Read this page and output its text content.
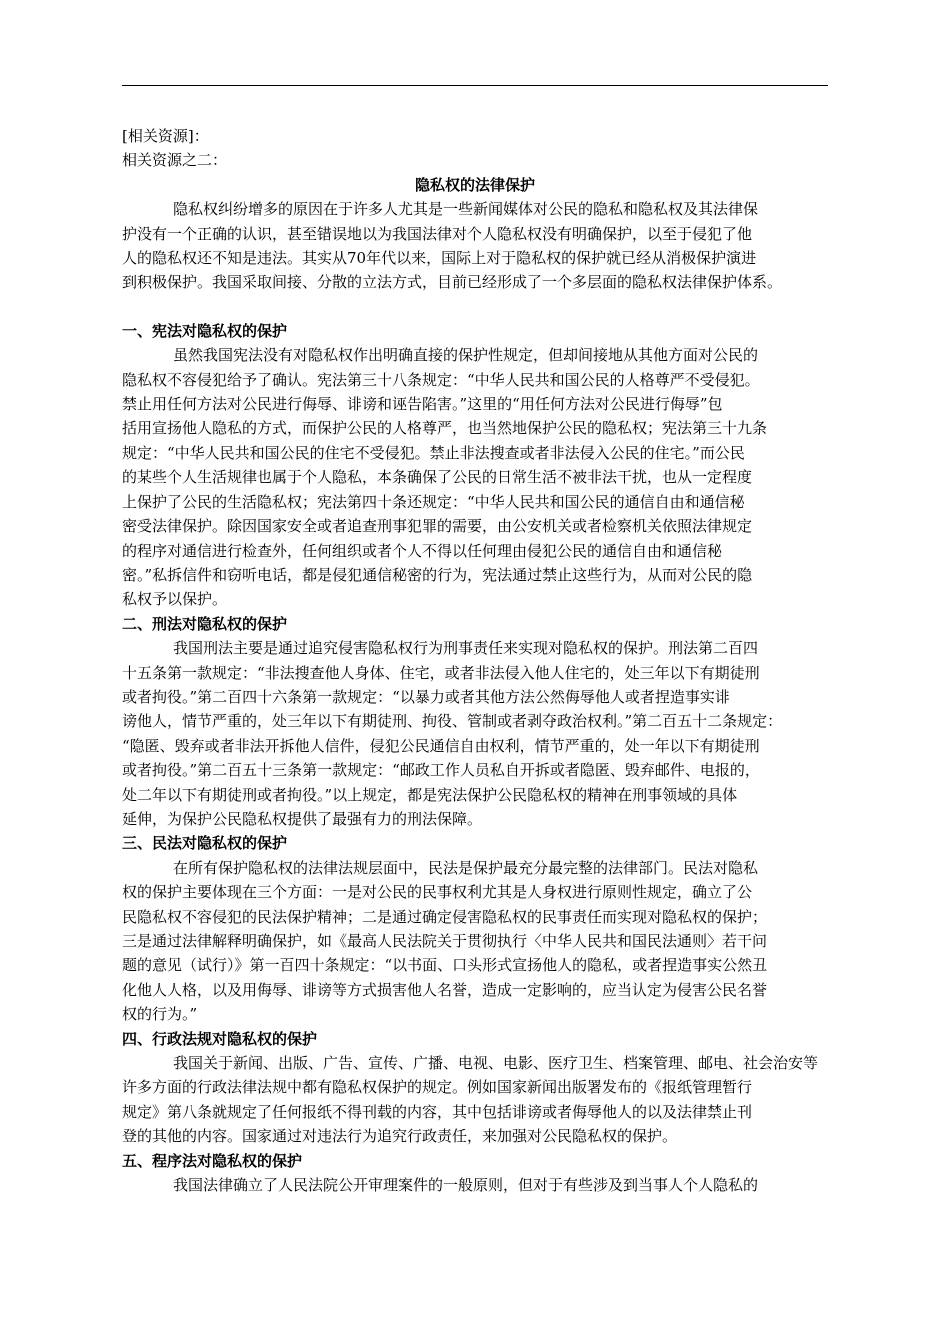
[相关资源]：

相关资源之二：

隐私权的法律保护

隐私权纠纷增多的原因在于许多人尤其是一些新闻媒体对公民的隐私和隐私权及其法律保

护没有一个正确的认识，甚至错误地以为我国法律对个人隐私权没有明确保护，以至于侵犯了他

人的隐私权还不知是违法。其实从70年代以来，国际上对于隐私权的保护就已经从消极保护演进

到积极保护。我国采取间接、分散的立法方式，目前已经形成了一个多层面的隐私权法律保护体系。

一、宪法对隐私权的保护

虽然我国宪法没有对隐私权作出明确直接的保护性规定，但却间接地从其他方面对公民的

隐私权不容侵犯给予了确认。宪法第三十八条规定：“中华人民共和国公民的人格尊严不受侵犯。

禁止用任何方法对公民进行侮辱、诽谤和诬告陷害。”这里的“用任何方法对公民进行侮辱”包

括用宣扬他人隐私的方式，而保护公民的人格尊严，也当然地保护公民的隐私权；宪法第三十九条

规定：“中华人民共和国公民的住宅不受侵犯。禁止非法搜查或者非法侵入公民的住宅。”而公民

的某些个人生活规律也属于个人隐私，本条确保了公民的日常生活不被非法干扰，也从一定程度

上保护了公民的生活隐私权；宪法第四十条还规定：“中华人民共和国公民的通信自由和通信秘

密受法律保护。除因国家安全或者追查刑事犯罪的需要，由公安机关或者检察机关依照法律规定

的程序对通信进行检查外，任何组织或者个人不得以任何理由侵犯公民的通信自由和通信秘

密。”私拆信件和窃听电话，都是侵犯通信秘密的行为，宪法通过禁止这些行为，从而对公民的隐

私权予以保护。

二、刑法对隐私权的保护

我国刑法主要是通过追究侵害隐私权行为刑事责任来实现对隐私权的保护。刑法第二百四

十五条第一款规定：“非法搜查他人身体、住宅，或者非法侵入他人住宅的，处三年以下有期徒刑

或者拘役。”第二百四十六条第一款规定：“以暴力或者其他方法公然侮辱他人或者捏造事实诽

谤他人，情节严重的，处三年以下有期徒刑、拘役、管制或者剥夺政治权利。”第二百五十二条规定：

“隐匿、毁弃或者非法开拆他人信件，侵犯公民通信自由权利，情节严重的，处一年以下有期徒刑

或者拘役。”第二百五十三条第一款规定：“邮政工作人员私自开拆或者隐匿、毁弃邮件、电报的，

处二年以下有期徒刑或者拘役。”以上规定，都是宪法保护公民隐私权的精神在刑事领域的具体

延伸，为保护公民隐私权提供了最强有力的刑法保障。

三、民法对隐私权的保护

在所有保护隐私权的法律法规层面中，民法是保护最充分最完整的法律部门。民法对隐私

权的保护主要体现在三个方面：一是对公民的民事权利尤其是人身权进行原则性规定，确立了公

民隐私权不容侵犯的民法保护精神；二是通过确定侵害隐私权的民事责任而实现对隐私权的保护；

三是通过法律解释明确保护，如《最高人民法院关于贯彻执行〈中华人民共和国民法通则〉若干问

题的意见（试行）》第一百四十条规定：“以书面、口头形式宣扬他人的隐私，或者捏造事实公然丑

化他人人格，以及用侮辱、诽谤等方式损害他人名誉，造成一定影响的，应当认定为侵害公民名誉

权的行为。”

四、行政法规对隐私权的保护

我国关于新闻、出版、广告、宣传、广播、电视、电影、医疗卫生、档案管理、邮电、社会治安等

许多方面的行政法律法规中都有隐私权保护的规定。例如国家新闻出版署发布的《报纸管理暂行

规定》第八条就规定了任何报纸不得刊载的内容，其中包括诽谤或者侮辱他人的以及法律禁止刊

登的其他的内容。国家通过对违法行为追究行政责任，来加强对公民隐私权的保护。

五、程序法对隐私权的保护

我国法律确立了人民法院公开审理案件的一般原则，但对于有些涉及到当事人个人隐私的
